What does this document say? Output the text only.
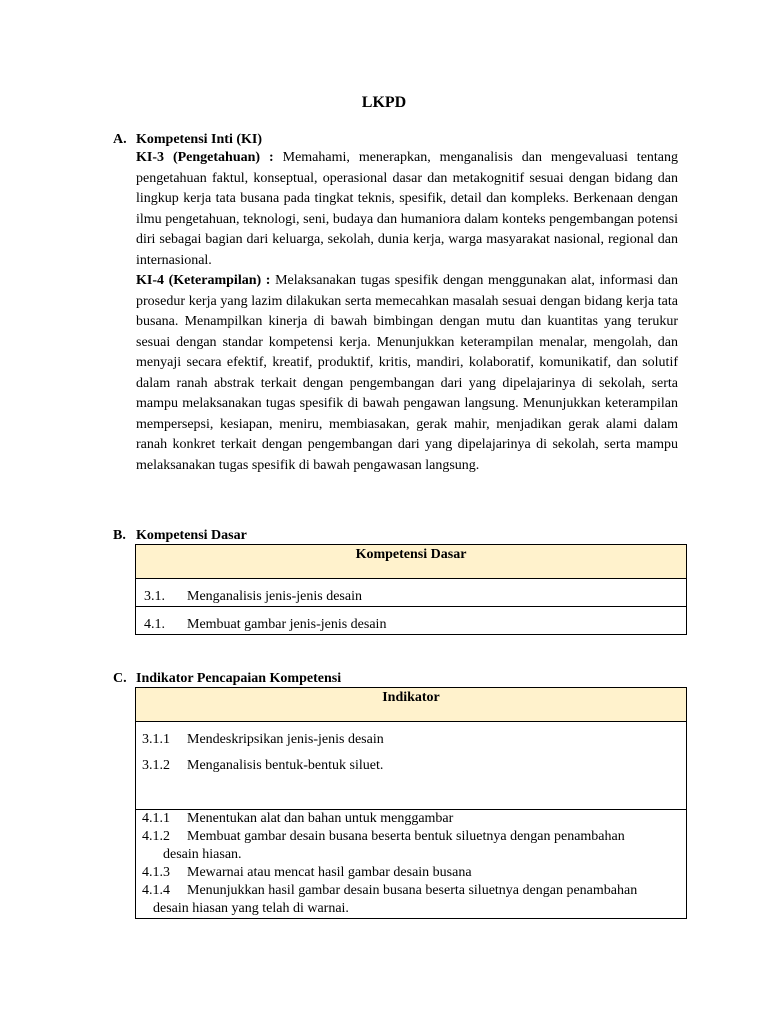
LKPD
A. Kompetensi Inti (KI)
KI-3 (Pengetahuan) : Memahami, menerapkan, menganalisis dan mengevaluasi tentang pengetahuan faktul, konseptual, operasional dasar dan metakognitif sesuai dengan bidang dan lingkup kerja tata busana pada tingkat teknis, spesifik, detail dan kompleks. Berkenaan dengan ilmu pengetahuan, teknologi, seni, budaya dan humaniora dalam konteks pengembangan potensi diri sebagai bagian dari keluarga, sekolah, dunia kerja, warga masyarakat nasional, regional dan internasional.
KI-4 (Keterampilan) : Melaksanakan tugas spesifik dengan menggunakan alat, informasi dan prosedur kerja yang lazim dilakukan serta memecahkan masalah sesuai dengan bidang kerja tata busana. Menampilkan kinerja di bawah bimbingan dengan mutu dan kuantitas yang terukur sesuai dengan standar kompetensi kerja. Menunjukkan keterampilan menalar, mengolah, dan menyaji secara efektif, kreatif, produktif, kritis, mandiri, kolaboratif, komunikatif, dan solutif dalam ranah abstrak terkait dengan pengembangan dari yang dipelajarinya di sekolah, serta mampu melaksanakan tugas spesifik di bawah pengawan langsung. Menunjukkan keterampilan mempersepsi, kesiapan, meniru, membiasakan, gerak mahir, menjadikan gerak alami dalam ranah konkret terkait dengan pengembangan dari yang dipelajarinya di sekolah, serta mampu melaksanakan tugas spesifik di bawah pengawasan langsung.
B. Kompetensi Dasar
Kompetensi Dasar

3.1.	Menganalisis jenis-jenis desain

4.1.	Membuat gambar jenis-jenis desain
C. Indikator Pencapaian Kompetensi
Indikator

3.1.1	Mendeskripsikan jenis-jenis desain
3.1.2	Menganalisis bentuk-bentuk siluet.

4.1.1 Menentukan alat dan bahan untuk menggambar
4.1.2 Membuat gambar desain busana beserta bentuk siluetnya dengan penambahan
desain hiasan.
4.1.3 Mewarnai atau mencat hasil gambar desain busana
4.1.4 Menunjukkan hasil gambar desain busana beserta siluetnya dengan penambahan
desain hiasan yang telah di warnai.
